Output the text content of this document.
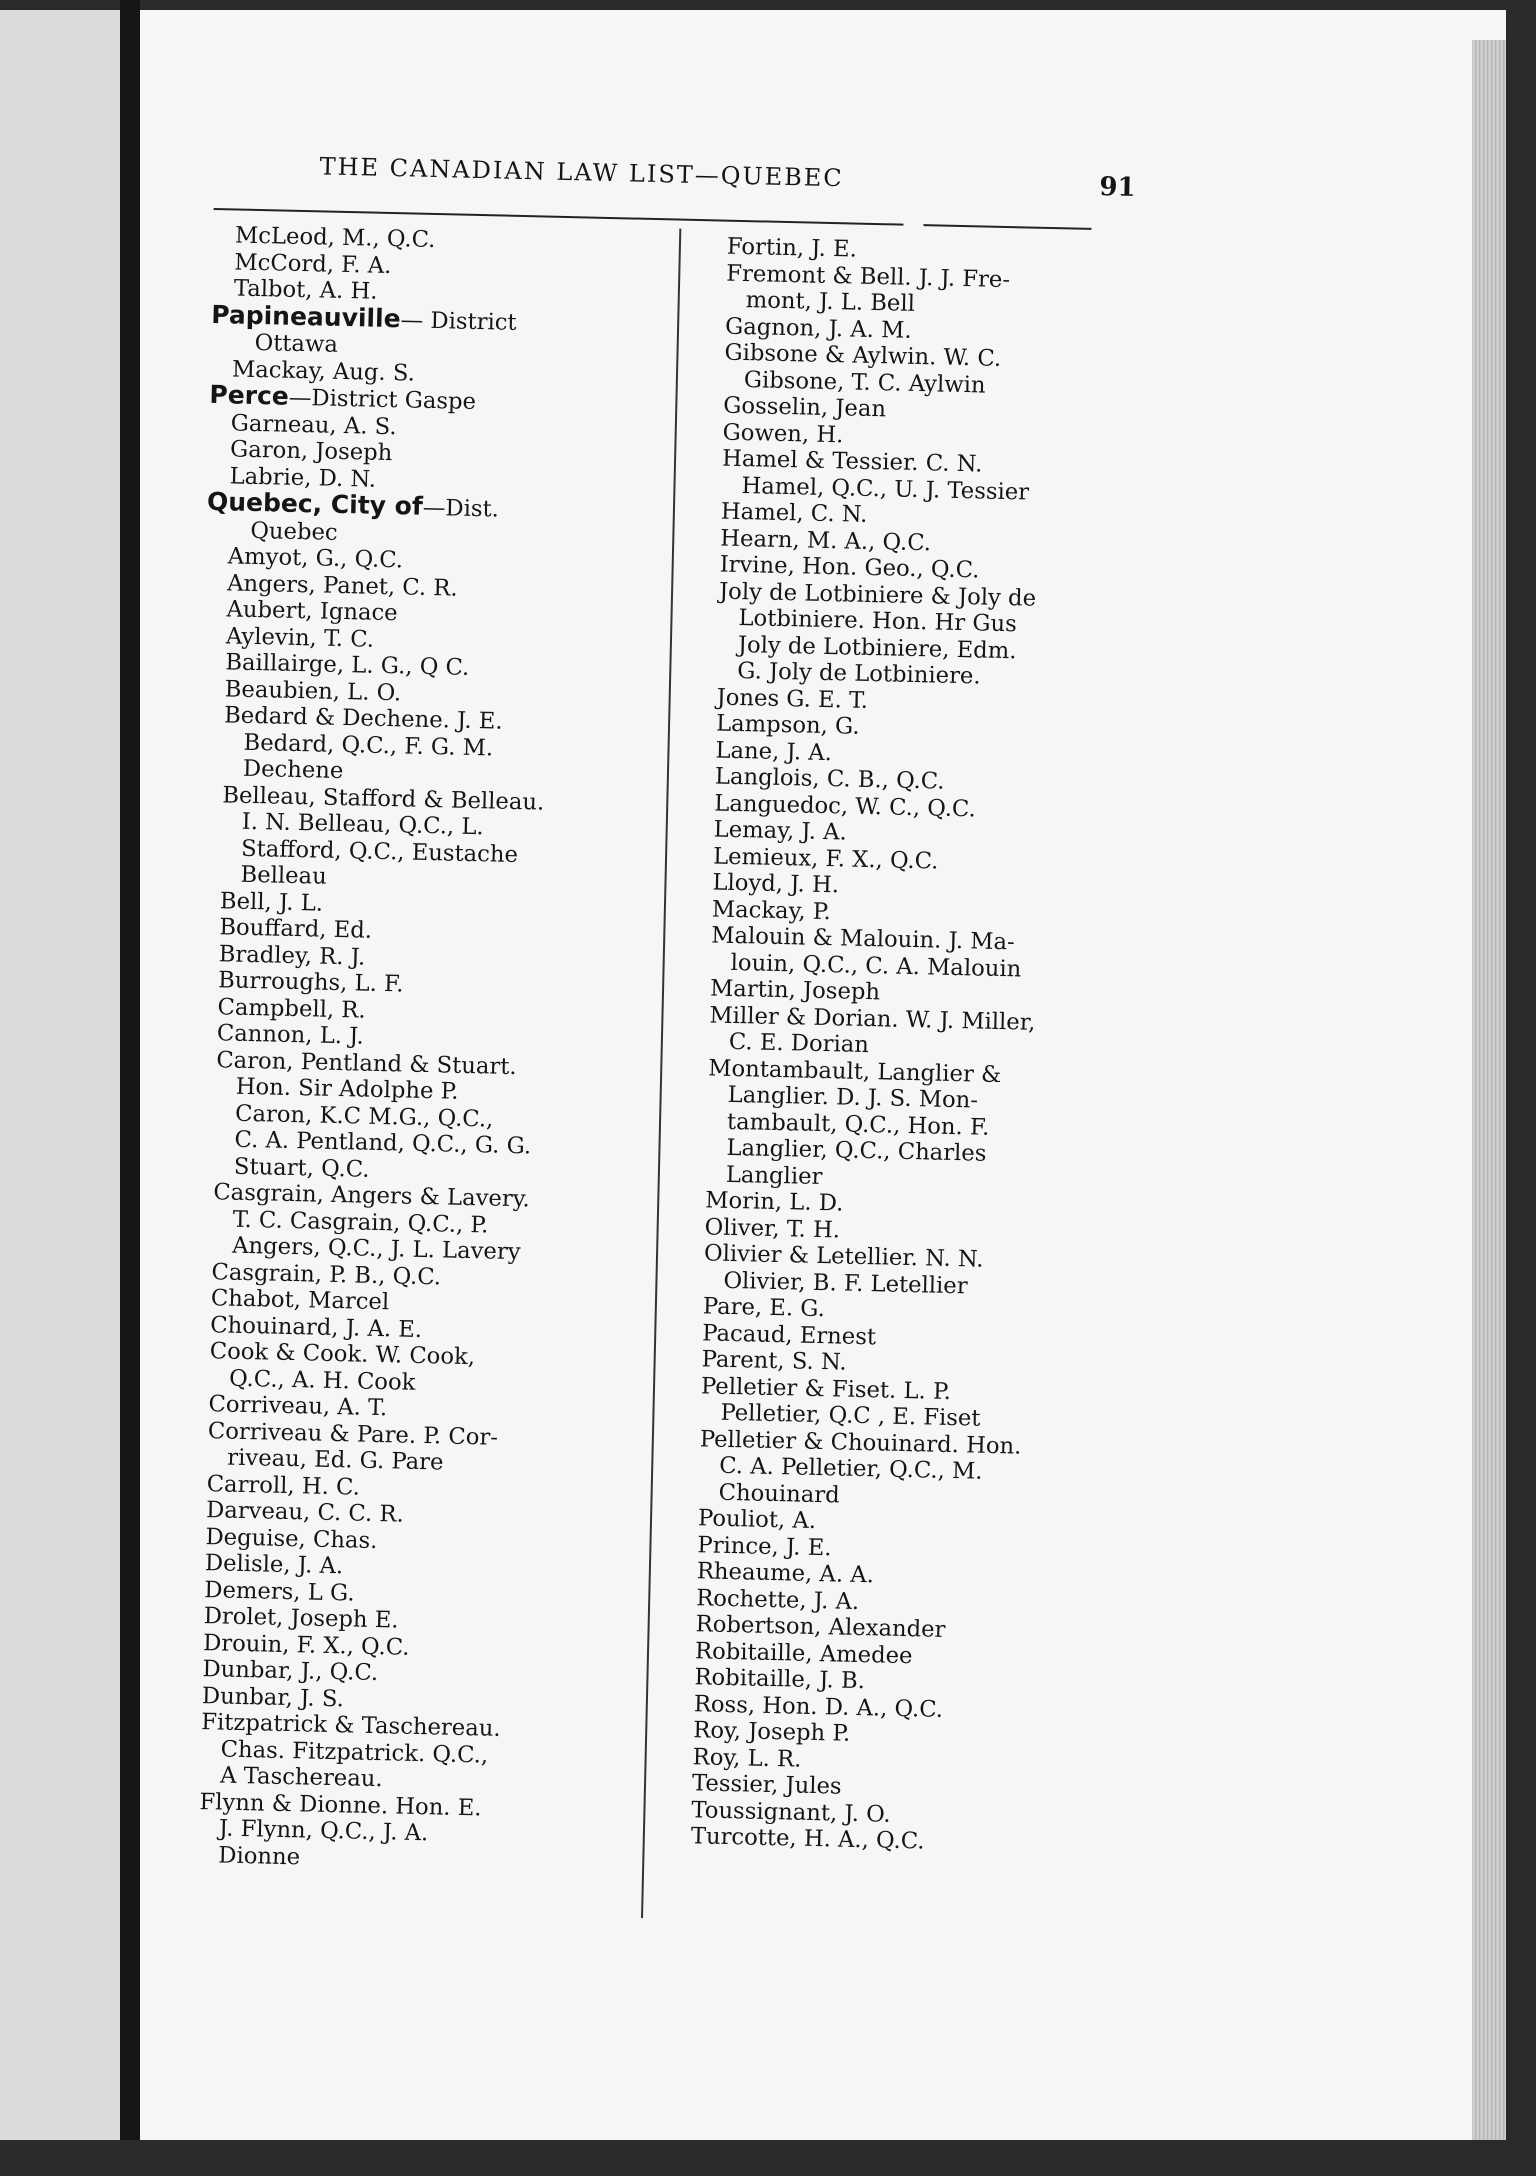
THE CANADIAN LAW LIST—QUEBEC	91
McLeod, M., Q.C.
McCord, F. A.
Talbot, A. H.
Papineauville— District
Ottawa
Mackay, Aug. S.
Perce—District Gaspe
Garneau, A. S.
Garon, Joseph
Labrie, D. N.
Quebec, City of—Dist.
Quebec
Amyot, G., Q.C.
Angers, Panet, C. R.
Aubert, Ignace
Aylevin, T. C.
Baillairge, L. G., Q C.
Beaubien, L. O.
Bedard & Dechene. J. E.
Bedard, Q.C., F. G. M.
Dechene
Belleau, Stafford & Belleau.
I. N. Belleau, Q.C., L.
Stafford, Q.C., Eustache
Belleau
Bell, J. L.
Bouffard, Ed.
Bradley, R. J.
Burroughs, L. F.
Campbell, R.
Cannon, L. J.
Caron, Pentland & Stuart.
Hon. Sir Adolphe P.
Caron, K.C M.G., Q.C.,
C. A. Pentland, Q.C., G. G.
Stuart, Q.C.
Casgrain, Angers & Lavery.
T. C. Casgrain, Q.C., P.
Angers, Q.C., J. L. Lavery
Casgrain, P. B., Q.C.
Chabot, Marcel
Chouinard, J. A. E.
Cook & Cook. W. Cook,
Q.C., A. H. Cook
Corriveau, A. T.
Corriveau & Pare. P. Cor-
riveau, Ed. G. Pare
Carroll, H. C.
Darveau, C. C. R.
Deguise, Chas.
Delisle, J. A.
Demers, L G.
Drolet, Joseph E.
Drouin, F. X., Q.C.
Dunbar, J., Q.C.
Dunbar, J. S.
Fitzpatrick & Taschereau.
Chas. Fitzpatrick. Q.C.,
A Taschereau.
Flynn & Dionne. Hon. E.
J. Flynn, Q.C., J. A.
Dionne
Fortin, J. E.
Fremont & Bell. J. J. Fre-
mont, J. L. Bell
Gagnon, J. A. M.
Gibsone & Aylwin. W. C.
Gibsone, T. C. Aylwin
Gosselin, Jean
Gowen, H.
Hamel & Tessier. C. N.
Hamel, Q.C., U. J. Tessier
Hamel, C. N.
Hearn, M. A., Q.C.
Irvine, Hon. Geo., Q.C.
Joly de Lotbiniere & Joly de
Lotbiniere. Hon. Hr Gus
Joly de Lotbiniere, Edm.
G. Joly de Lotbiniere.
Jones G. E. T.
Lampson, G.
Lane, J. A.
Langlois, C. B., Q.C.
Languedoc, W. C., Q.C.
Lemay, J. A.
Lemieux, F. X., Q.C.
Lloyd, J. H.
Mackay, P.
Malouin & Malouin. J. Ma-
louin, Q.C., C. A. Malouin
Martin, Joseph
Miller & Dorian. W. J. Miller,
C. E. Dorian
Montambault, Langlier &
Langlier. D. J. S. Mon-
tambault, Q.C., Hon. F.
Langlier, Q.C., Charles
Langlier
Morin, L. D.
Oliver, T. H.
Olivier & Letellier. N. N.
Olivier, B. F. Letellier
Pare, E. G.
Pacaud, Ernest
Parent, S. N.
Pelletier & Fiset. L. P.
Pelletier, Q.C , E. Fiset
Pelletier & Chouinard. Hon.
C. A. Pelletier, Q.C., M.
Chouinard
Pouliot, A.
Prince, J. E.
Rheaume, A. A.
Rochette, J. A.
Robertson, Alexander
Robitaille, Amedee
Robitaille, J. B.
Ross, Hon. D. A., Q.C.
Roy, Joseph P.
Roy, L. R.
Tessier, Jules
Toussignant, J. O.
Turcotte, H. A., Q.C.
